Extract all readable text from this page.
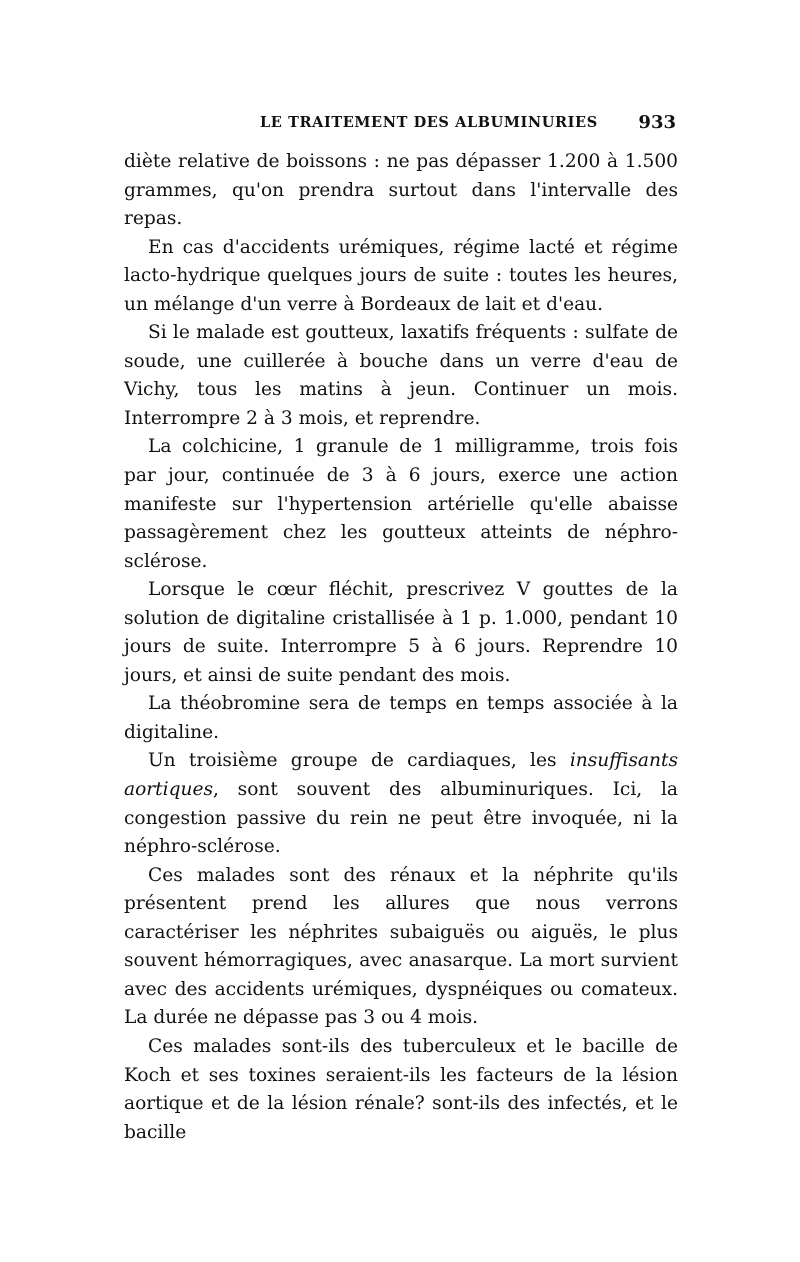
LE TRAITEMENT DES ALBUMINURIES 933

diète relative de boissons : ne pas dépasser 1.200 à 1.500 grammes, qu'on prendra surtout dans l'intervalle des repas.

En cas d'accidents urémiques, régime lacté et régime lacto-hydrique quelques jours de suite : toutes les heures, un mélange d'un verre à Bordeaux de lait et d'eau.

Si le malade est goutteux, laxatifs fréquents : sulfate de soude, une cuillerée à bouche dans un verre d'eau de Vichy, tous les matins à jeun. Continuer un mois. Interrompre 2 à 3 mois, et reprendre.

La colchicine, 1 granule de 1 milligramme, trois fois par jour, continuée de 3 à 6 jours, exerce une action manifeste sur l'hypertension artérielle qu'elle abaisse passagèrement chez les goutteux atteints de néphro-sclérose.

Lorsque le cœur fléchit, prescrivez V gouttes de la solution de digitaline cristallisée à 1 p. 1.000, pendant 10 jours de suite. Interrompre 5 à 6 jours. Reprendre 10 jours, et ainsi de suite pendant des mois.

La théobromine sera de temps en temps associée à la digitaline.

Un troisième groupe de cardiaques, les insuffisants aortiques, sont souvent des albuminuriques. Ici, la congestion passive du rein ne peut être invoquée, ni la néphro-sclérose.

Ces malades sont des rénaux et la néphrite qu'ils présentent prend les allures que nous verrons caractériser les néphrites subaiguës ou aiguës, le plus souvent hémorragiques, avec anasarque. La mort survient avec des accidents urémiques, dyspnéiques ou comateux. La durée ne dépasse pas 3 ou 4 mois.

Ces malades sont-ils des tuberculeux et le bacille de Koch et ses toxines seraient-ils les facteurs de la lésion aortique et de la lésion rénale? sont-ils des infectés, et le bacille
